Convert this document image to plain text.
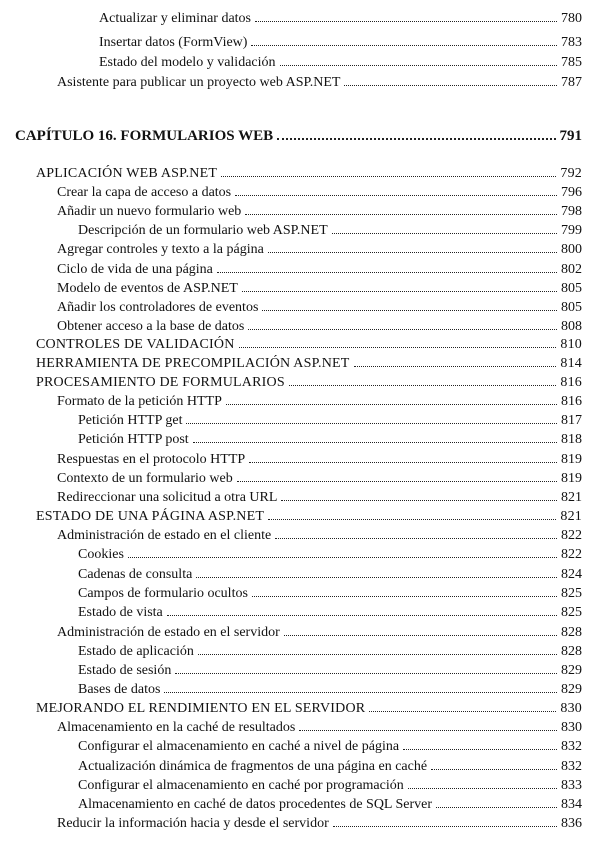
Actualizar y eliminar datos	780
Insertar datos (FormView)	783
Estado del modelo y validación	785
Asistente para publicar un proyecto web ASP.NET	787
CAPÍTULO 16. FORMULARIOS WEB	791
APLICACIÓN WEB ASP.NET	792
Crear la capa de acceso a datos	796
Añadir un nuevo formulario web	798
Descripción de un formulario web ASP.NET	799
Agregar controles y texto a la página	800
Ciclo de vida de una página	802
Modelo de eventos de ASP.NET	805
Añadir los controladores de eventos	805
Obtener acceso a la base de datos	808
CONTROLES DE VALIDACIÓN	810
HERRAMIENTA DE PRECOMPILACIÓN ASP.NET	814
PROCESAMIENTO DE FORMULARIOS	816
Formato de la petición HTTP	816
Petición HTTP get	817
Petición HTTP post	818
Respuestas en el protocolo HTTP	819
Contexto de un formulario web	819
Redireccionar una solicitud a otra URL	821
ESTADO DE UNA PÁGINA ASP.NET	821
Administración de estado en el cliente	822
Cookies	822
Cadenas de consulta	824
Campos de formulario ocultos	825
Estado de vista	825
Administración de estado en el servidor	828
Estado de aplicación	828
Estado de sesión	829
Bases de datos	829
MEJORANDO EL RENDIMIENTO EN EL SERVIDOR	830
Almacenamiento en la caché de resultados	830
Configurar el almacenamiento en caché a nivel de página	832
Actualización dinámica de fragmentos de una página en caché	832
Configurar el almacenamiento en caché por programación	833
Almacenamiento en caché de datos procedentes de SQL Server	834
Reducir la información hacia y desde el servidor	836
